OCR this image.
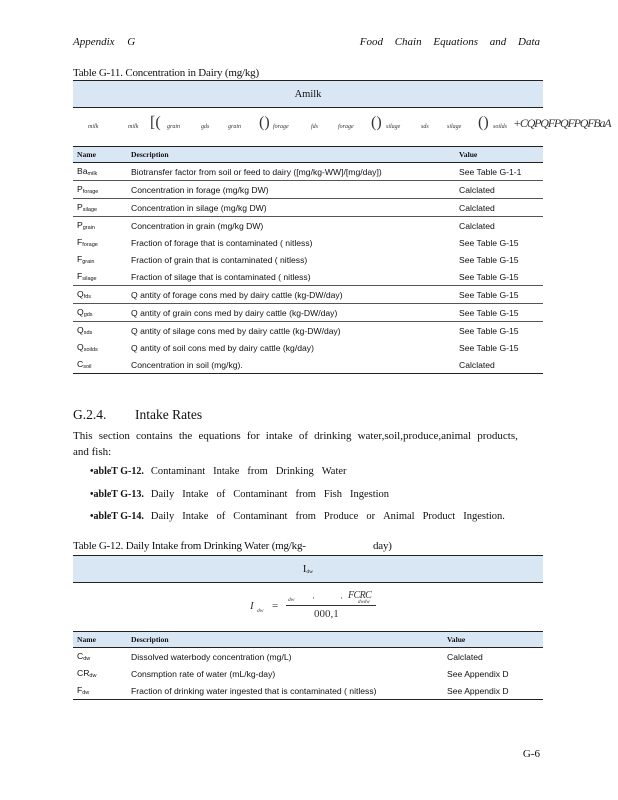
Appendix G	Food Chain Equations and Data
Table G-11. Concentration in Dairy (mg/kg)
Amilk
milk	milk [( grain	gds	grain () forage	fds	forage () silage	sds	silage () soilds +CQPQFPQFPQFBaA
Name	Description	Value
Bamilk	Biotransfer factor from soil or feed to dairy ([mg/kg-WW]/[mg/day])	See Table G-1-1
Pforage	Concentration in forage (mg/kg DW)	Calclated
Psilage	Concentration in silage (mg/kg DW)	Calclated
Pgrain	Concentration in grain (mg/kg DW)	Calclated
Fforage	Fraction of forage that is contaminated ( nitless)	See Table G-15
Fgrain	Fraction of grain that is contaminated ( nitless)	See Table G-15
Fsilage	Fraction of silage that is contaminated ( nitless)	See Table G-15
Qfds	Q antity of forage cons med by dairy cattle (kg-DW/day)	See Table G-15
Qgds	Q antity of grain cons med by dairy cattle (kg-DW/day)	See Table G-15
Qsds	Q antity of silage cons med by dairy cattle (kg-DW/day)	See Table G-15
Qsoilds	Q antity of soil cons med by dairy cattle (kg/day)	See Table G-15
Csoil	Concentration in soil (mg/kg).	Calclated
G.2.4. Intake Rates
This section contains the equations for intake of drinking water,soil,produce,animal products,
and fish:
•ableT G-12. Contaminant Intake from Drinking Water
•ableT G-13. Daily Intake of Contaminant from Fish Ingestion
•ableT G-14. Daily Intake of Contaminant from Produce or Animal Product Ingestion.
Table G-12. Daily Intake from Drinking Water (mg/kg-	day)
Idw
I dw = dw ·	· FCRC
dwdw
000,1
Name	Description	Value
Cdw	Dissolved waterbody concentration (mg/L)	Calclated
CRdw	Consmption rate of water (mL/kg-day)	See Appendix D
Fdw	Fraction of drinking water ingested that is contaminated ( nitless)	See Appendix D
G-6
